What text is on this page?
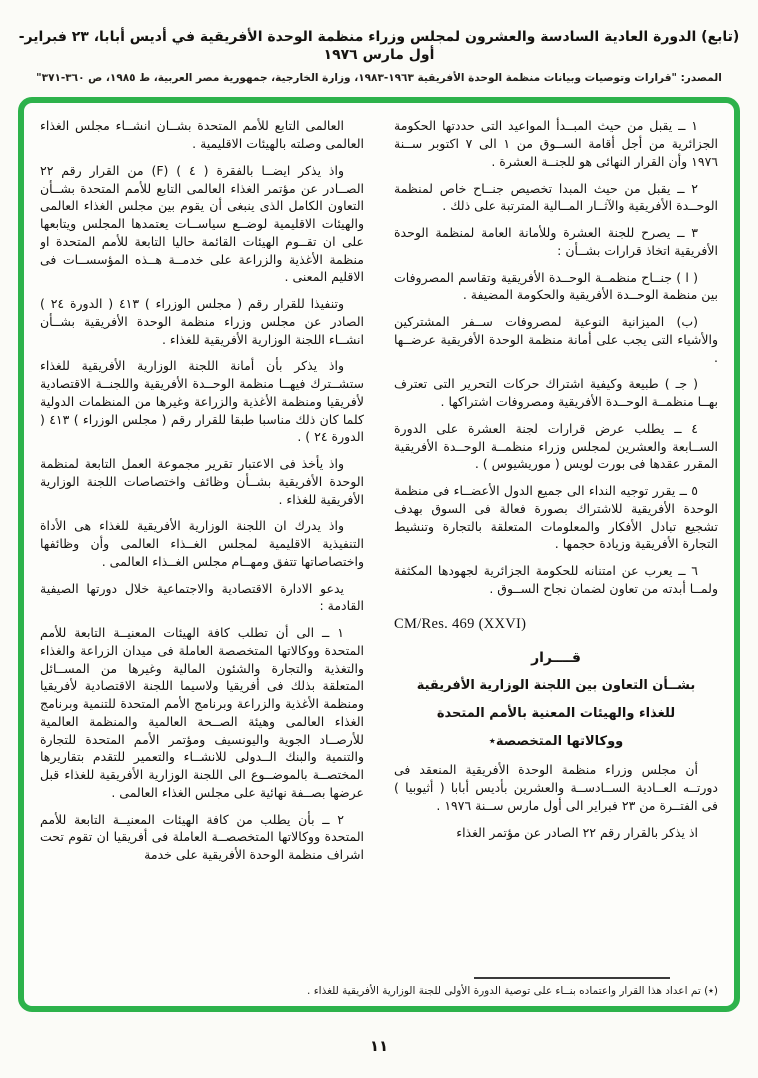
(تابع) الدورة العادية السادسة والعشرون لمجلس وزراء منظمة الوحدة الأفريقية في أديس أبابا، ٢٣ فبراير- أول مارس ١٩٧٦
المصدر: "قرارات وتوصيات وبيانات منظمة الوحدة الأفريقية ١٩٦٣-١٩٨٣، وزارة الخارجية، جمهورية مصر العربية، ط ١٩٨٥، ص ٣٦٠-٣٧١"

١ ــ يقبل من حيث المبــدأ المواعيد التى حددتها الحكومة الجزائرية من أجل أقامة الســوق من ١ الى ٧ اكتوبر ســنة ١٩٧٦ وأن القرار النهائى هو للجنــة العشرة .

٢ ــ يقبل من حيث المبدا تخصيص جنــاح خاص لمنظمة الوحــدة الأفريقية والآثــار المــالية المترتبة على ذلك .

٣ ــ يصرح للجنة العشرة وللأمانة العامة لمنظمة الوحدة الأفريقية اتخاذ قرارات بشــأن :

( ا ) جنــاح منظمــة الوحــدة الأفريقية وتقاسم المصروفات بين منظمة الوحــدة الأفريقية والحكومة المضيفة .

(ب) الميزانية النوعية لمصروفات ســفر المشتركين والأشياء التى يجب على أمانة منظمة الوحدة الأفريقية عرضــها .

( جـ ) طبيعة وكيفية اشتراك حركات التحرير التى تعترف بهــا منظمــة الوحــدة الأفريقية ومصروفات اشتراكها .

٤ ــ يطلب عرض قرارات لجنة العشرة على الدورة الســابعة والعشرين لمجلس وزراء منظمــة الوحــدة الأفريقية المقرر عقدها فى بورت لويس ( موريشيوس ) .

٥ ــ يقرر توجيه النداء الى جميع الدول الأعضــاء فى منظمة الوحدة الأفريقية للاشتراك بصورة فعالة فى السوق بهدف تشجيع تبادل الأفكار والمعلومات المتعلقة بالتجارة وتنشيط التجارة الأفريقية وزيادة حجمها .

٦ ــ يعرب عن امتنانه للحكومة الجزائرية لجهودها المكثفة ولمــا أبدته من تعاون لضمان نجاح الســوق .

CM/Res. 469 (XXVI)
قــــرار
بشــأن التعاون بين اللجنة الوزارية الأفريقية
للغذاء والهيئات المعنية بالأمم المتحدة
ووكالاتها المتخصصة٭

أن مجلس وزراء منظمة الوحدة الأفريقية المنعقد فى دورتــه العــادية الســادســة والعشرين بأديس أبابا ( أثيوبيا ) فى الفتــرة من ٢٣ فبراير الى أول مارس ســنة ١٩٧٦ .

اذ يذكر بالقرار رقم ٢٢ الصادر عن مؤتمر الغذاء

العالمى التابع للأمم المتحدة بشــان انشــاء مجلس الغذاء العالمى وصلته بالهيئات الاقليمية .

واذ يذكر ايضــا بالفقرة ( ٤ ) (F) من القرار رقم ٢٢ الصــادر عن مؤتمر الغذاء العالمى التابع للأمم المتحدة بشــأن التعاون الكامل الذى ينبغى أن يقوم بين مجلس الغذاء العالمى والهيئات الاقليمية لوضــع سياســات يعتمدها المجلس ويتابعها على ان تقــوم الهيئات القائمة حاليا التابعة للأمم المتحدة او منظمة الأغذية والزراعة على خدمــة هــذه المؤسســات فى الاقليم المعنى .

وتنفيذا للقرار رقم ( مجلس الوزراء ) ٤١٣ ( الدورة ٢٤ ) الصادر عن مجلس وزراء منظمة الوحدة الأفريقية بشــأن انشــاء اللجنة الوزارية الأفريقية للغذاء .

واذ يذكر بأن أمانة اللجنة الوزارية الأفريقية للغذاء ستشــترك فيهــا منظمة الوحــدة الأفريقية واللجنــة الاقتصادية لأفريقيا ومنظمة الأغذية والزراعة وغيرها من المنظمات الدولية كلما كان ذلك مناسبا طبقا للقرار رقم ( مجلس الوزراء ) ٤١٣ ( الدورة ٢٤ ) .

واذ يأخذ فى الاعتبار تقرير مجموعة العمل التابعة لمنظمة الوحدة الأفريقية بشــأن وظائف واختصاصات اللجنة الوزارية الأفريقية للغذاء .

واذ يدرك ان اللجنة الوزارية الأفريقية للغذاء هى الأداة التنفيذية الاقليمية لمجلس الغــذاء العالمى وأن وظائفها واختصاصاتها تتفق ومهــام مجلس الغــذاء العالمى .

يدعو الادارة الاقتصادية والاجتماعية خلال دورتها الصيفية القادمة :

١ ــ الى أن تطلب كافة الهيئات المعنيــة التابعة للأمم المتحدة ووكالاتها المتخصصة العاملة فى ميدان الزراعة والغذاء والتغذية والتجارة والشئون المالية وغيرها من المســائل المتعلقة بذلك فى أفريقيا ولاسيما اللجنة الاقتصادية لأفريقيا ومنظمة الأغذية والزراعة وبرنامج الأمم المتحدة للتنمية وبرنامج الغذاء العالمى وهيئة الصــحة العالمية والمنظمة العالمية للأرصــاد الجوية واليونسيف ومؤتمر الأمم المتحدة للتجارة والتنمية والبنك الــدولى للانشــاء والتعمير للتقدم بتقاريرها المختصــة بالموضــوع الى اللجنة الوزارية الأفريقية للغذاء قبل عرضها بصــفة نهائية على مجلس الغذاء العالمى .

٢ ــ بأن يطلب من كافة الهيئات المعنيــة التابعة للأمم المتحدة ووكالاتها المتخصصــة العاملة فى أفريقيا ان تقوم تحت اشراف منظمة الوحدة الأفريقية على خدمة

(٭) تم اعداد هذا القرار واعتماده بنــاء على توصية الدورة الأولى للجنة الوزارية الأفريقية للغذاء .
١١
